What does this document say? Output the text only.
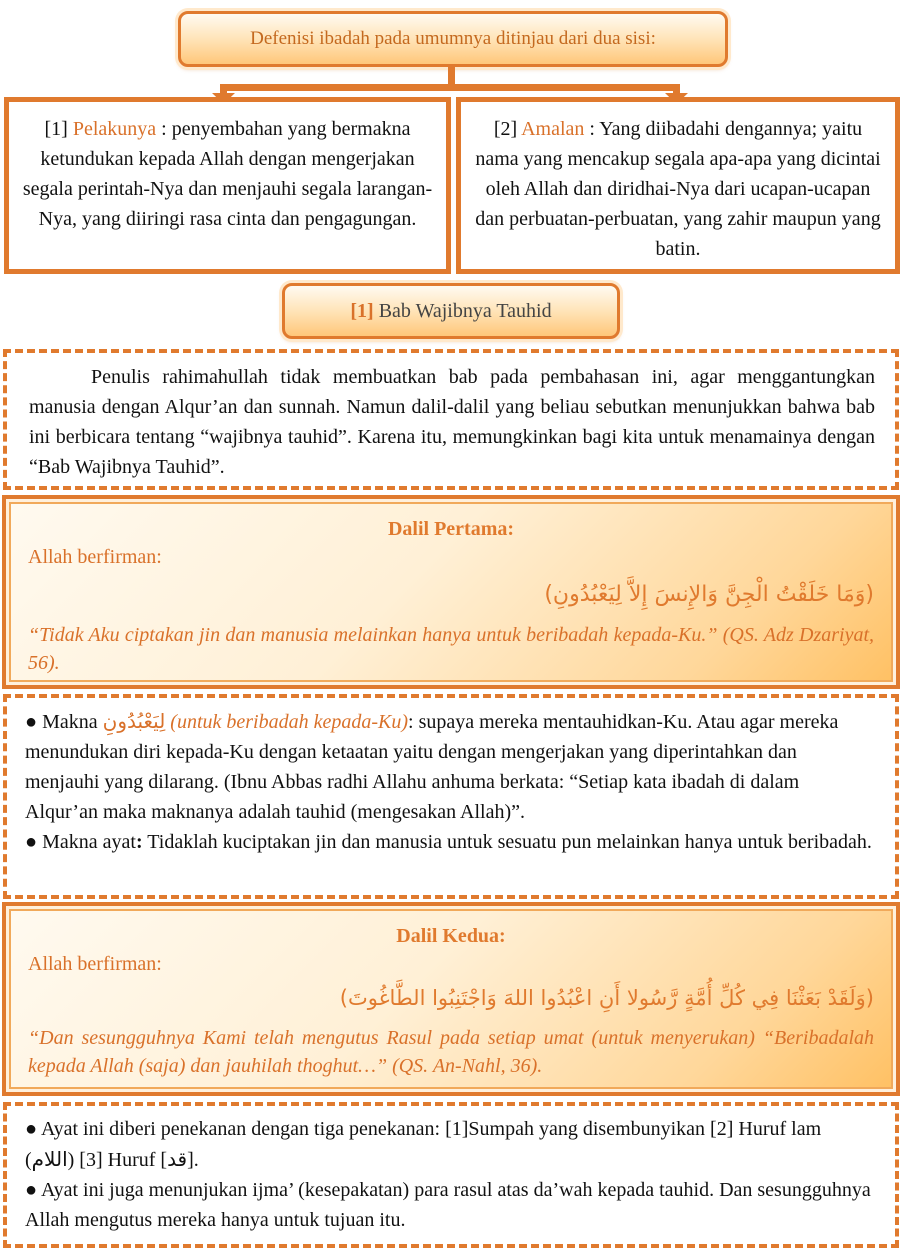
Defenisi ibadah pada umumnya ditinjau dari dua sisi:
[1] Pelakunya : penyembahan yang bermakna ketundukan kepada Allah dengan mengerjakan segala perintah-Nya dan menjauhi segala larangan-Nya, yang diiringi rasa cinta dan pengagungan.
[2] Amalan : Yang diibadahi dengannya; yaitu nama yang mencakup segala apa-apa yang dicintai oleh Allah dan diridhai-Nya dari ucapan-ucapan dan perbuatan-perbuatan, yang zahir maupun yang batin.
[1] Bab Wajibnya Tauhid

Penulis rahimahullah tidak membuatkan bab pada pembahasan ini, agar menggantungkan manusia dengan Alqur’an dan sunnah. Namun dalil-dalil yang beliau sebutkan menunjukkan bahwa bab ini berbicara tentang “wajibnya tauhid”. Karena itu, memungkinkan bagi kita untuk menamainya dengan “Bab Wajibnya Tauhid”.

Dalil Pertama:
Allah berfirman:
(وَمَا خَلَقْتُ الْجِنَّ وَالإِنسَ إِلاَّ لِيَعْبُدُونِ)

“Tidak Aku ciptakan jin dan manusia melainkan hanya untuk beribadah kepada-Ku.” (QS. Adz Dzariyat, 56).

● Makna لِيَعْبُدُونِ (untuk beribadah kepada-Ku): supaya mereka mentauhidkan-Ku. Atau agar mereka menundukan diri kepada-Ku dengan ketaatan yaitu dengan mengerjakan yang diperintahkan dan menjauhi yang dilarang. (Ibnu Abbas radhi Allahu anhuma berkata: “Setiap kata ibadah di dalam Alqur’an maka maknanya adalah tauhid (mengesakan Allah)”.

● Makna ayat: Tidaklah kuciptakan jin dan manusia untuk sesuatu pun melainkan hanya untuk beribadah.

Dalil Kedua:
Allah berfirman:
(وَلَقَدْ بَعَثْنَا فِي كُلِّ أُمَّةٍ رَّسُولا أَنِ اعْبُدُوا اللهَ وَاجْتَنِبُوا الطَّاغُوتَ)

“Dan sesungguhnya Kami telah mengutus Rasul pada setiap umat (untuk menyerukan) “Beribadalah kepada Allah (saja) dan jauhilah thoghut…” (QS. An-Nahl, 36).

● Ayat ini diberi penekanan dengan tiga penekanan: [1]Sumpah yang disembunyikan [2] Huruf lam (اللام) [3] Huruf [قد].

● Ayat ini juga menunjukan ijma’ (kesepakatan) para rasul atas da’wah kepada tauhid. Dan sesungguhnya Allah mengutus mereka hanya untuk tujuan itu.
